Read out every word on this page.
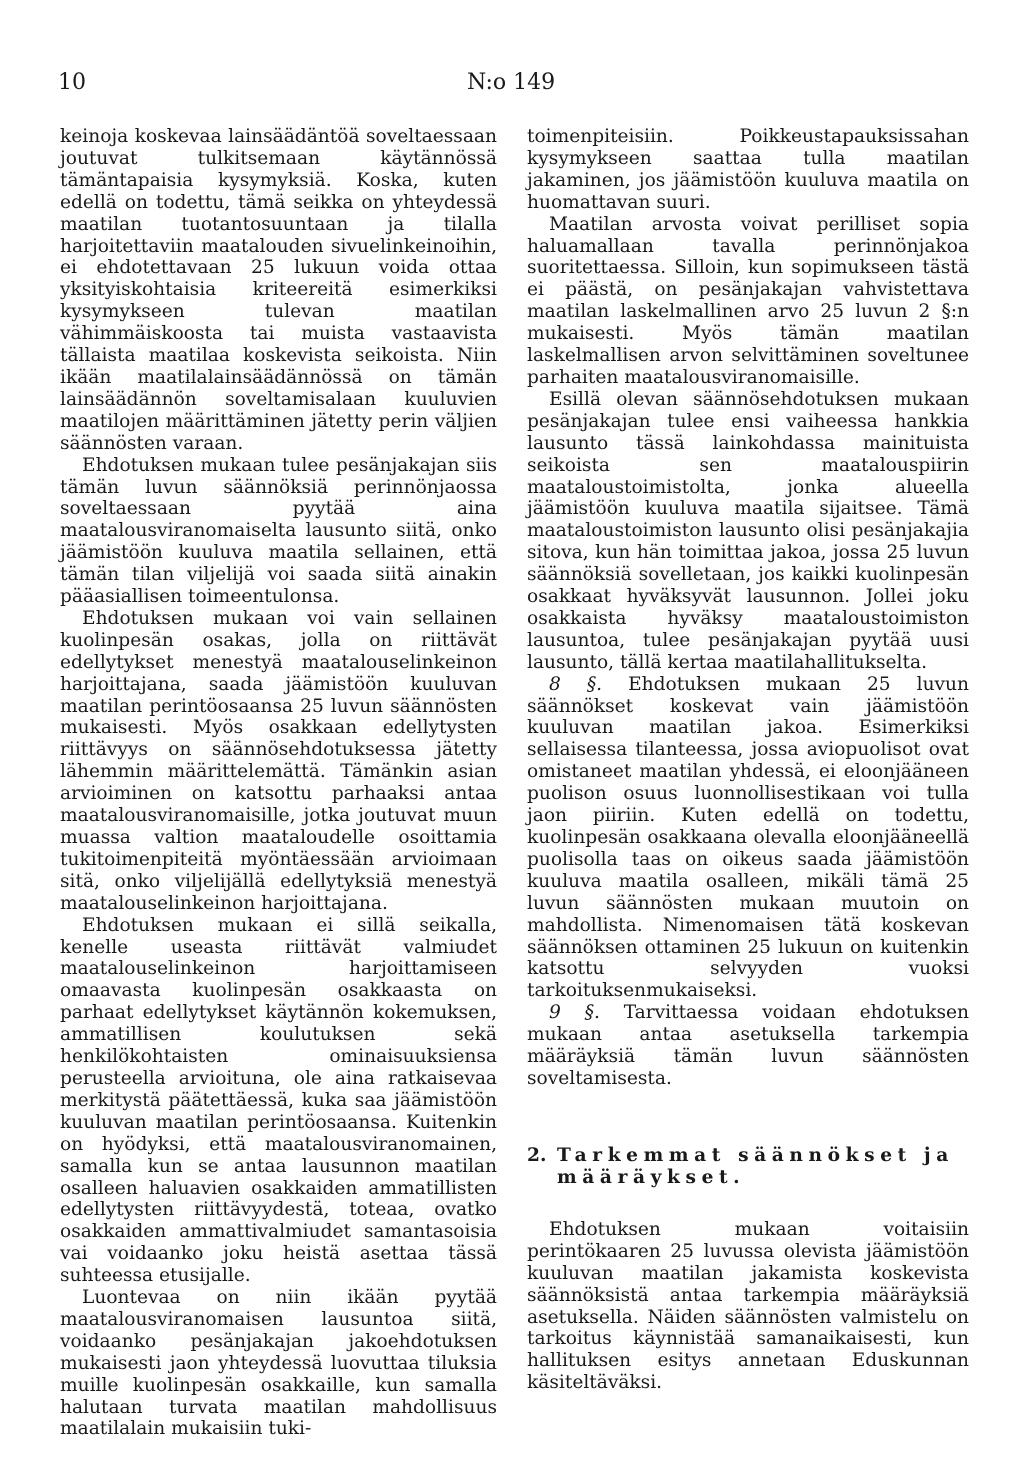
10	N:o 149

keinoja koskevaa lainsäädäntöä soveltaessaan joutuvat tulkitsemaan käytännössä tämäntapaisia kysymyksiä. Koska, kuten edellä on todettu, tämä seikka on yhteydessä maatilan tuotantosuuntaan ja tilalla harjoitettaviin maatalouden sivuelinkeinoihin, ei ehdotettavaan 25 lukuun voida ottaa yksityiskohtaisia kriteereitä esimerkiksi kysymykseen tulevan maatilan vähimmäiskoosta tai muista vastaavista tällaista maatilaa koskevista seikoista. Niin ikään maatilalainsäädännössä on tämän lainsäädännön soveltamisalaan kuuluvien maatilojen määrittäminen jätetty perin väljien säännösten varaan.

Ehdotuksen mukaan tulee pesänjakajan siis tämän luvun säännöksiä perinnönjaossa soveltaessaan pyytää aina maatalousviranomaiselta lausunto siitä, onko jäämistöön kuuluva maatila sellainen, että tämän tilan viljelijä voi saada siitä ainakin pääasiallisen toimeentulonsa.

Ehdotuksen mukaan voi vain sellainen kuolinpesän osakas, jolla on riittävät edellytykset menestyä maatalouselinkeinon harjoittajana, saada jäämistöön kuuluvan maatilan perintöosaansa 25 luvun säännösten mukaisesti. Myös osakkaan edellytysten riittävyys on säännösehdotuksessa jätetty lähemmin määrittelemättä. Tämänkin asian arvioiminen on katsottu parhaaksi antaa maatalousviranomaisille, jotka joutuvat muun muassa valtion maataloudelle osoittamia tukitoimenpiteitä myöntäessään arvioimaan sitä, onko viljelijällä edellytyksiä menestyä maatalouselinkeinon harjoittajana.

Ehdotuksen mukaan ei sillä seikalla, kenelle useasta riittävät valmiudet maatalouselinkeinon harjoittamiseen omaavasta kuolinpesän osakkaasta on parhaat edellytykset käytännön kokemuksen, ammatillisen koulutuksen sekä henkilökohtaisten ominaisuuksiensa perusteella arvioituna, ole aina ratkaisevaa merkitystä päätettäessä, kuka saa jäämistöön kuuluvan maatilan perintöosaansa. Kuitenkin on hyödyksi, että maatalousviranomainen, samalla kun se antaa lausunnon maatilan osalleen haluavien osakkaiden ammatillisten edellytysten riittävyydestä, toteaa, ovatko osakkaiden ammattivalmiudet samantasoisia vai voidaanko joku heistä asettaa tässä suhteessa etusijalle.

Luontevaa on niin ikään pyytää maatalousviranomaisen lausuntoa siitä, voidaanko pesänjakajan jakoehdotuksen mukaisesti jaon yhteydessä luovuttaa tiluksia muille kuolinpesän osakkaille, kun samalla halutaan turvata maatilan mahdollisuus maatilalain mukaisiin tuki-

toimenpiteisiin. Poikkeustapauksissahan kysymykseen saattaa tulla maatilan jakaminen, jos jäämistöön kuuluva maatila on huomattavan suuri.

Maatilan arvosta voivat perilliset sopia haluamallaan tavalla perinnönjakoa suoritettaessa. Silloin, kun sopimukseen tästä ei päästä, on pesänjakajan vahvistettava maatilan laskelmallinen arvo 25 luvun 2 §:n mukaisesti. Myös tämän maatilan laskelmallisen arvon selvittäminen soveltunee parhaiten maatalousviranomaisille.

Esillä olevan säännösehdotuksen mukaan pesänjakajan tulee ensi vaiheessa hankkia lausunto tässä lainkohdassa mainituista seikoista sen maatalouspiirin maataloustoimistolta, jonka alueella jäämistöön kuuluva maatila sijaitsee. Tämä maataloustoimiston lausunto olisi pesänjakajia sitova, kun hän toimittaa jakoa, jossa 25 luvun säännöksiä sovelletaan, jos kaikki kuolinpesän osakkaat hyväksyvät lausunnon. Jollei joku osakkaista hyväksy maataloustoimiston lausuntoa, tulee pesänjakajan pyytää uusi lausunto, tällä kertaa maatilahallitukselta.

8 §. Ehdotuksen mukaan 25 luvun säännökset koskevat vain jäämistöön kuuluvan maatilan jakoa. Esimerkiksi sellaisessa tilanteessa, jossa aviopuolisot ovat omistaneet maatilan yhdessä, ei eloonjääneen puolison osuus luonnollisestikaan voi tulla jaon piiriin. Kuten edellä on todettu, kuolinpesän osakkaana olevalla eloonjääneellä puolisolla taas on oikeus saada jäämistöön kuuluva maatila osalleen, mikäli tämä 25 luvun säännösten mukaan muutoin on mahdollista. Nimenomaisen tätä koskevan säännöksen ottaminen 25 lukuun on kuitenkin katsottu selvyyden vuoksi tarkoituksenmukaiseksi.

9 §. Tarvittaessa voidaan ehdotuksen mukaan antaa asetuksella tarkempia määräyksiä tämän luvun säännösten soveltamisesta.

2. Tarkemmat säännökset ja määräykset.

Ehdotuksen mukaan voitaisiin perintökaaren 25 luvussa olevista jäämistöön kuuluvan maatilan jakamista koskevista säännöksistä antaa tarkempia määräyksiä asetuksella. Näiden säännösten valmistelu on tarkoitus käynnistää samanaikaisesti, kun hallituksen esitys annetaan Eduskunnan käsiteltäväksi.
